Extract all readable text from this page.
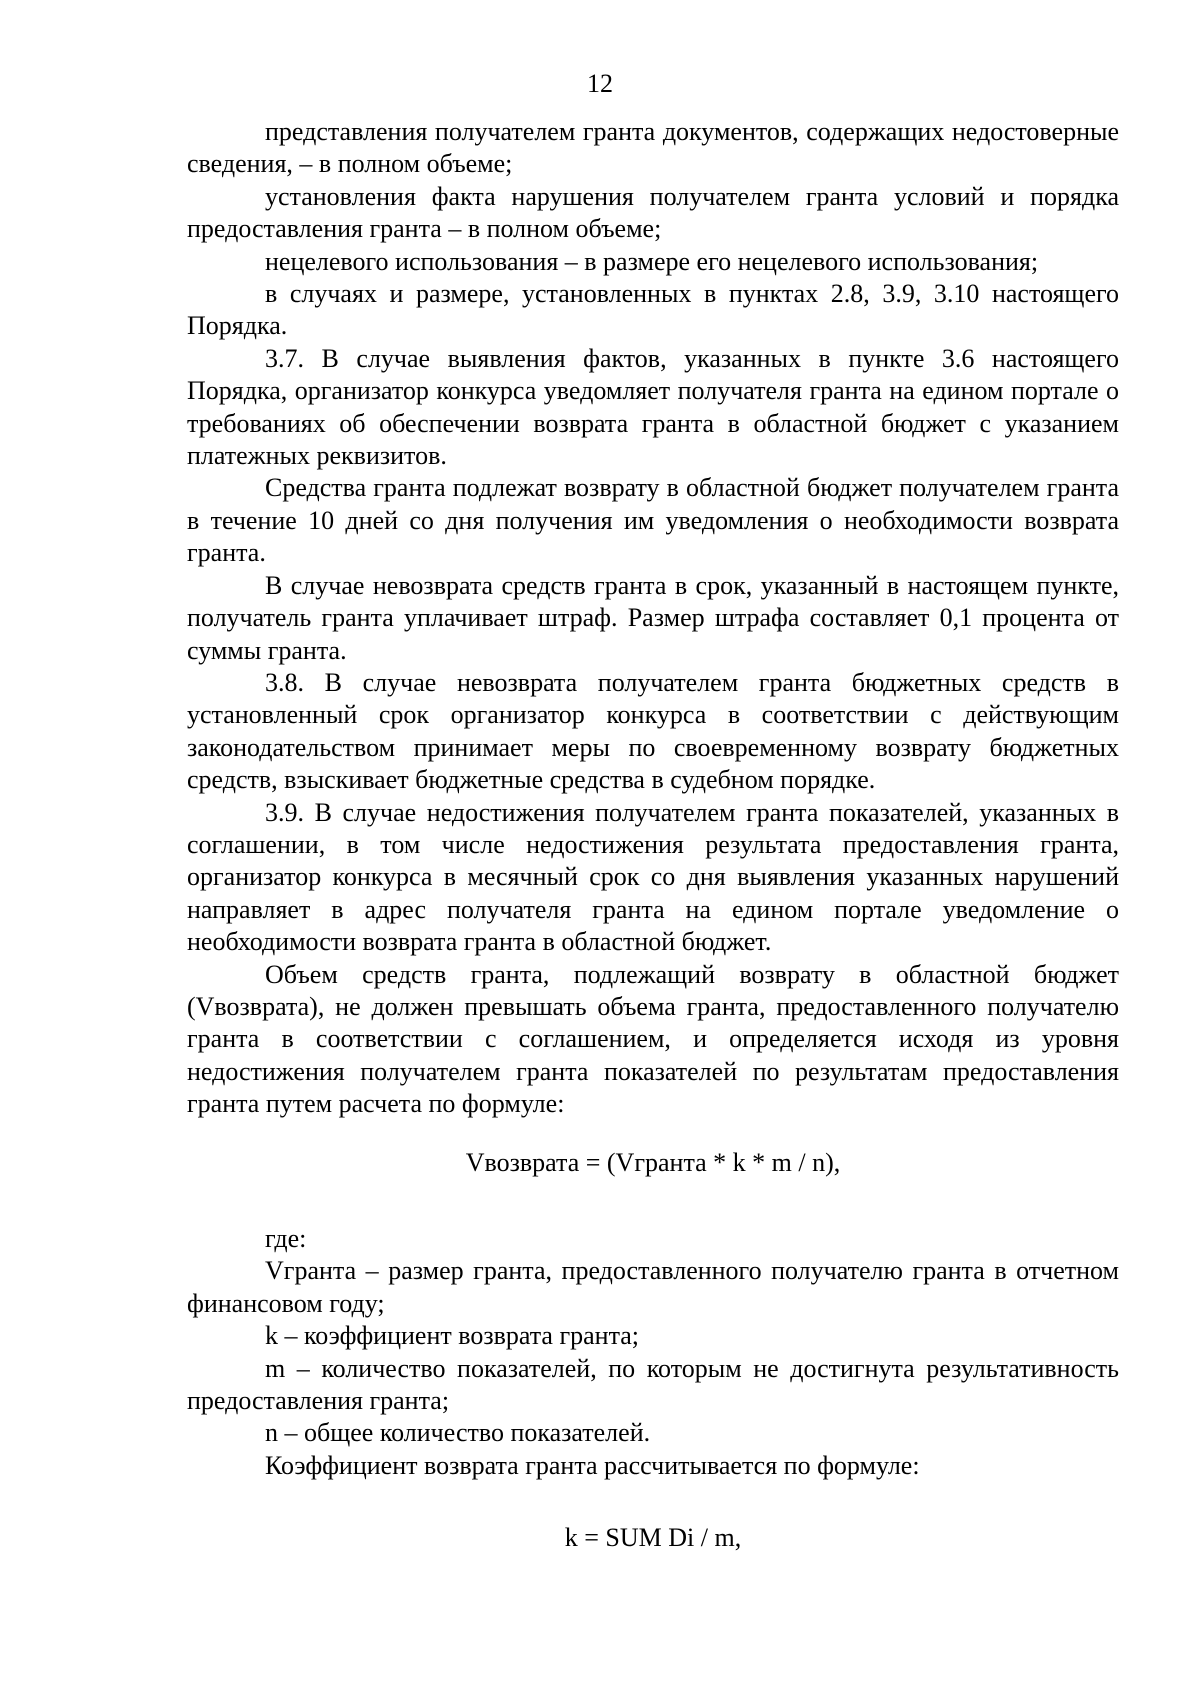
12

представления получателем гранта документов, содержащих недостоверные сведения, – в полном объеме;

установления факта нарушения получателем гранта условий и порядка предоставления гранта – в полном объеме;

нецелевого использования – в размере его нецелевого использования;

в случаях и размере, установленных в пунктах 2.8, 3.9, 3.10 настоящего Порядка.

3.7. В случае выявления фактов, указанных в пункте 3.6 настоящего Порядка, организатор конкурса уведомляет получателя гранта на едином портале о требованиях об обеспечении возврата гранта в областной бюджет с указанием платежных реквизитов.

Средства гранта подлежат возврату в областной бюджет получателем гранта в течение 10 дней со дня получения им уведомления о необходимости возврата гранта.

В случае невозврата средств гранта в срок, указанный в настоящем пункте, получатель гранта уплачивает штраф. Размер штрафа составляет 0,1 процента от суммы гранта.

3.8. В случае невозврата получателем гранта бюджетных средств в установленный срок организатор конкурса в соответствии с действующим законодательством принимает меры по своевременному возврату бюджетных средств, взыскивает бюджетные средства в судебном порядке.

3.9. В случае недостижения получателем гранта показателей, указанных в соглашении, в том числе недостижения результата предоставления гранта, организатор конкурса в месячный срок со дня выявления указанных нарушений направляет в адрес получателя гранта на едином портале уведомление о необходимости возврата гранта в областной бюджет.

Объем средств гранта, подлежащий возврату в областной бюджет (Vвозврата), не должен превышать объема гранта, предоставленного получателю гранта в соответствии с соглашением, и определяется исходя из уровня недостижения получателем гранта показателей по результатам предоставления гранта путем расчета по формуле:

Vвозврата = (Vгранта * k * m / n),

где:

Vгранта – размер гранта, предоставленного получателю гранта в отчетном финансовом году;

k – коэффициент возврата гранта;

m – количество показателей, по которым не достигнута результативность предоставления гранта;

n – общее количество показателей.

Коэффициент возврата гранта рассчитывается по формуле:

k = SUM Di / m,
